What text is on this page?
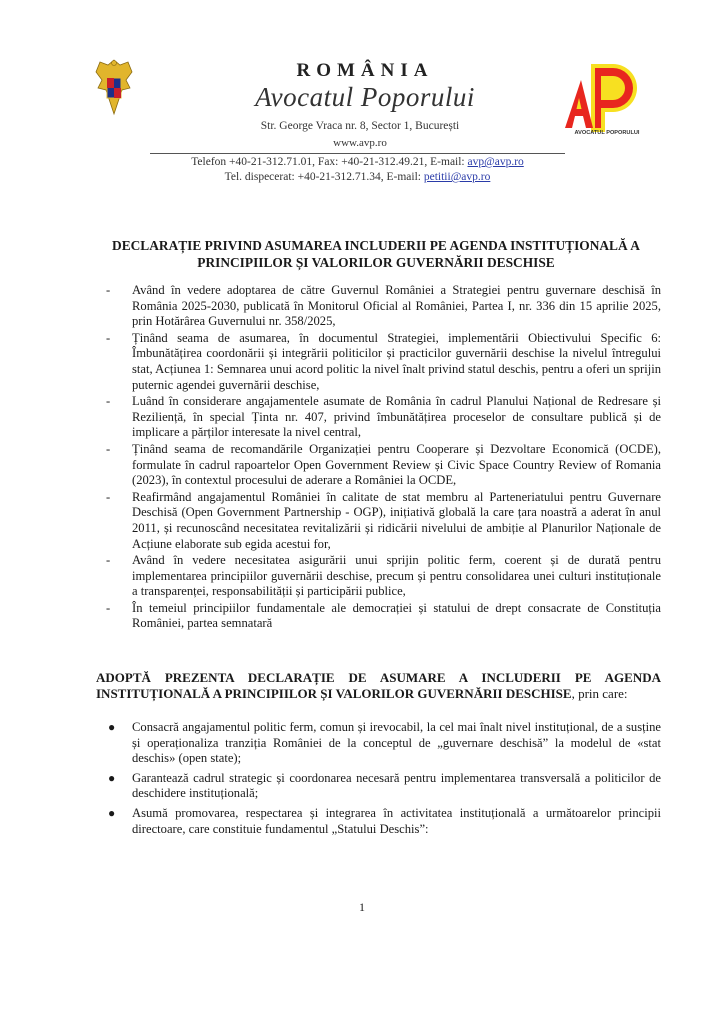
ROMÂNIA
Avocatul Poporului
Str. George Vraca nr. 8, Sector 1, București
www.avp.ro
AVOCATUL POPORULUI
Telefon +40-21-312.71.01, Fax: +40-21-312.49.21, E-mail: avp@avp.ro
Tel. dispecerat: +40-21-312.71.34, E-mail: petitii@avp.ro
DECLARAȚIE PRIVIND ASUMAREA INCLUDERII PE AGENDA INSTITUȚIONALĂ A PRINCIPIILOR ȘI VALORILOR GUVERNĂRII DESCHISE
- Având în vedere adoptarea de către Guvernul României a Strategiei pentru guvernare deschisă în România 2025-2030, publicată în Monitorul Oficial al României, Partea I, nr. 336 din 15 aprilie 2025, prin Hotărârea Guvernului nr. 358/2025,
- Ținând seama de asumarea, în documentul Strategiei, implementării Obiectivului Specific 6: Îmbunătățirea coordonării și integrării politicilor și practicilor guvernării deschise la nivelul întregului stat, Acțiunea 1: Semnarea unui acord politic la nivel înalt privind statul deschis, pentru a oferi un sprijin puternic agendei guvernării deschise,
- Luând în considerare angajamentele asumate de România în cadrul Planului Național de Redresare și Reziliență, în special Ținta nr. 407, privind îmbunătățirea proceselor de consultare publică și de implicare a părților interesate la nivel central,
- Ținând seama de recomandările Organizației pentru Cooperare și Dezvoltare Economică (OCDE), formulate în cadrul rapoartelor Open Government Review și Civic Space Country Review of Romania (2023), în contextul procesului de aderare a României la OCDE,
- Reafirmând angajamentul României în calitate de stat membru al Parteneriatului pentru Guvernare Deschisă (Open Government Partnership - OGP), inițiativă globală la care țara noastră a aderat în anul 2011, și recunoscând necesitatea revitalizării și ridicării nivelului de ambiție al Planurilor Naționale de Acțiune elaborate sub egida acestui for,
- Având în vedere necesitatea asigurării unui sprijin politic ferm, coerent și de durată pentru implementarea principiilor guvernării deschise, precum și pentru consolidarea unei culturi instituționale a transparenței, responsabilității și participării publice,
- În temeiul principiilor fundamentale ale democrației și statului de drept consacrate de Constituția României, partea semnatară
ADOPTĂ PREZENTA DECLARAȚIE DE ASUMARE A INCLUDERII PE AGENDA INSTITUȚIONALĂ A PRINCIPIILOR ȘI VALORILOR GUVERNĂRII DESCHISE, prin care:
● Consacră angajamentul politic ferm, comun și irevocabil, la cel mai înalt nivel instituțional, de a susține și operaționaliza tranziția României de la conceptul de „guvernare deschisă” la modelul de «stat deschis» (open state);
● Garantează cadrul strategic și coordonarea necesară pentru implementarea transversală a politicilor de deschidere instituțională;
● Asumă promovarea, respectarea și integrarea în activitatea instituțională a următoarelor principii directoare, care constituie fundamentul „Statului Deschis”:
1
